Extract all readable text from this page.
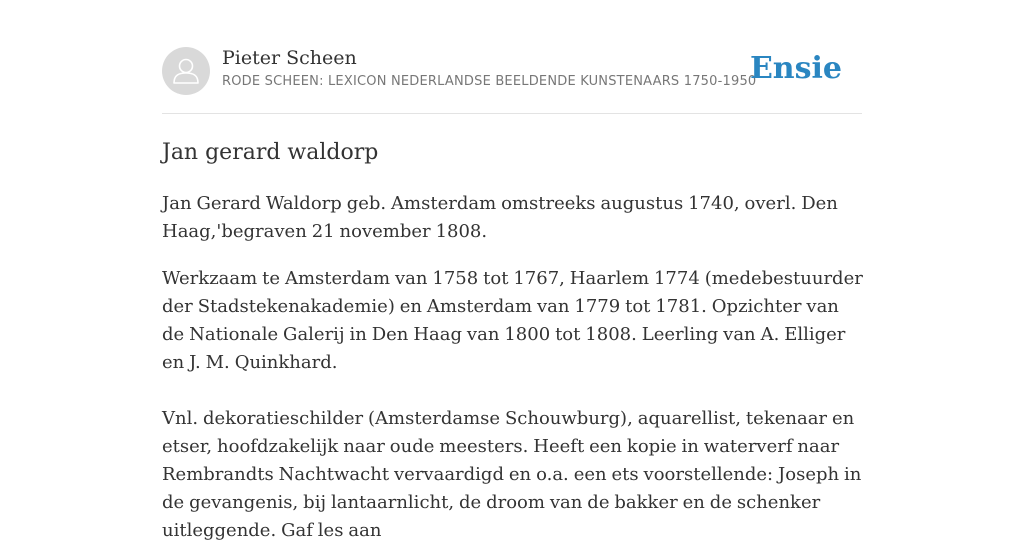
Pieter Scheen
RODE SCHEEN: LEXICON NEDERLANDSE BEELDENDE KUNSTENAARS 1750-1950
Ensie
Jan gerard waldorp

Jan Gerard Waldorp geb. Amsterdam omstreeks augustus 1740, overl. Den Haag,'begraven 21 november 1808.

Werkzaam te Amsterdam van 1758 tot 1767, Haarlem 1774 (medebestuurder der Stadstekenakademie) en Amsterdam van 1779 tot 1781. Opzichter van de Nationale Galerij in Den Haag van 1800 tot 1808. Leerling van A. Elliger en J. M. Quinkhard.

Vnl. dekoratieschilder (Amsterdamse Schouwburg), aquarellist, tekenaar en etser, hoofdzakelijk naar oude meesters. Heeft een kopie in waterverf naar Rembrandts Nachtwacht vervaardigd en o.a. een ets voorstellende: Joseph in de gevangenis, bij lantaarnlicht, de droom van de bakker en de schenker uitleggende. Gaf les aan
